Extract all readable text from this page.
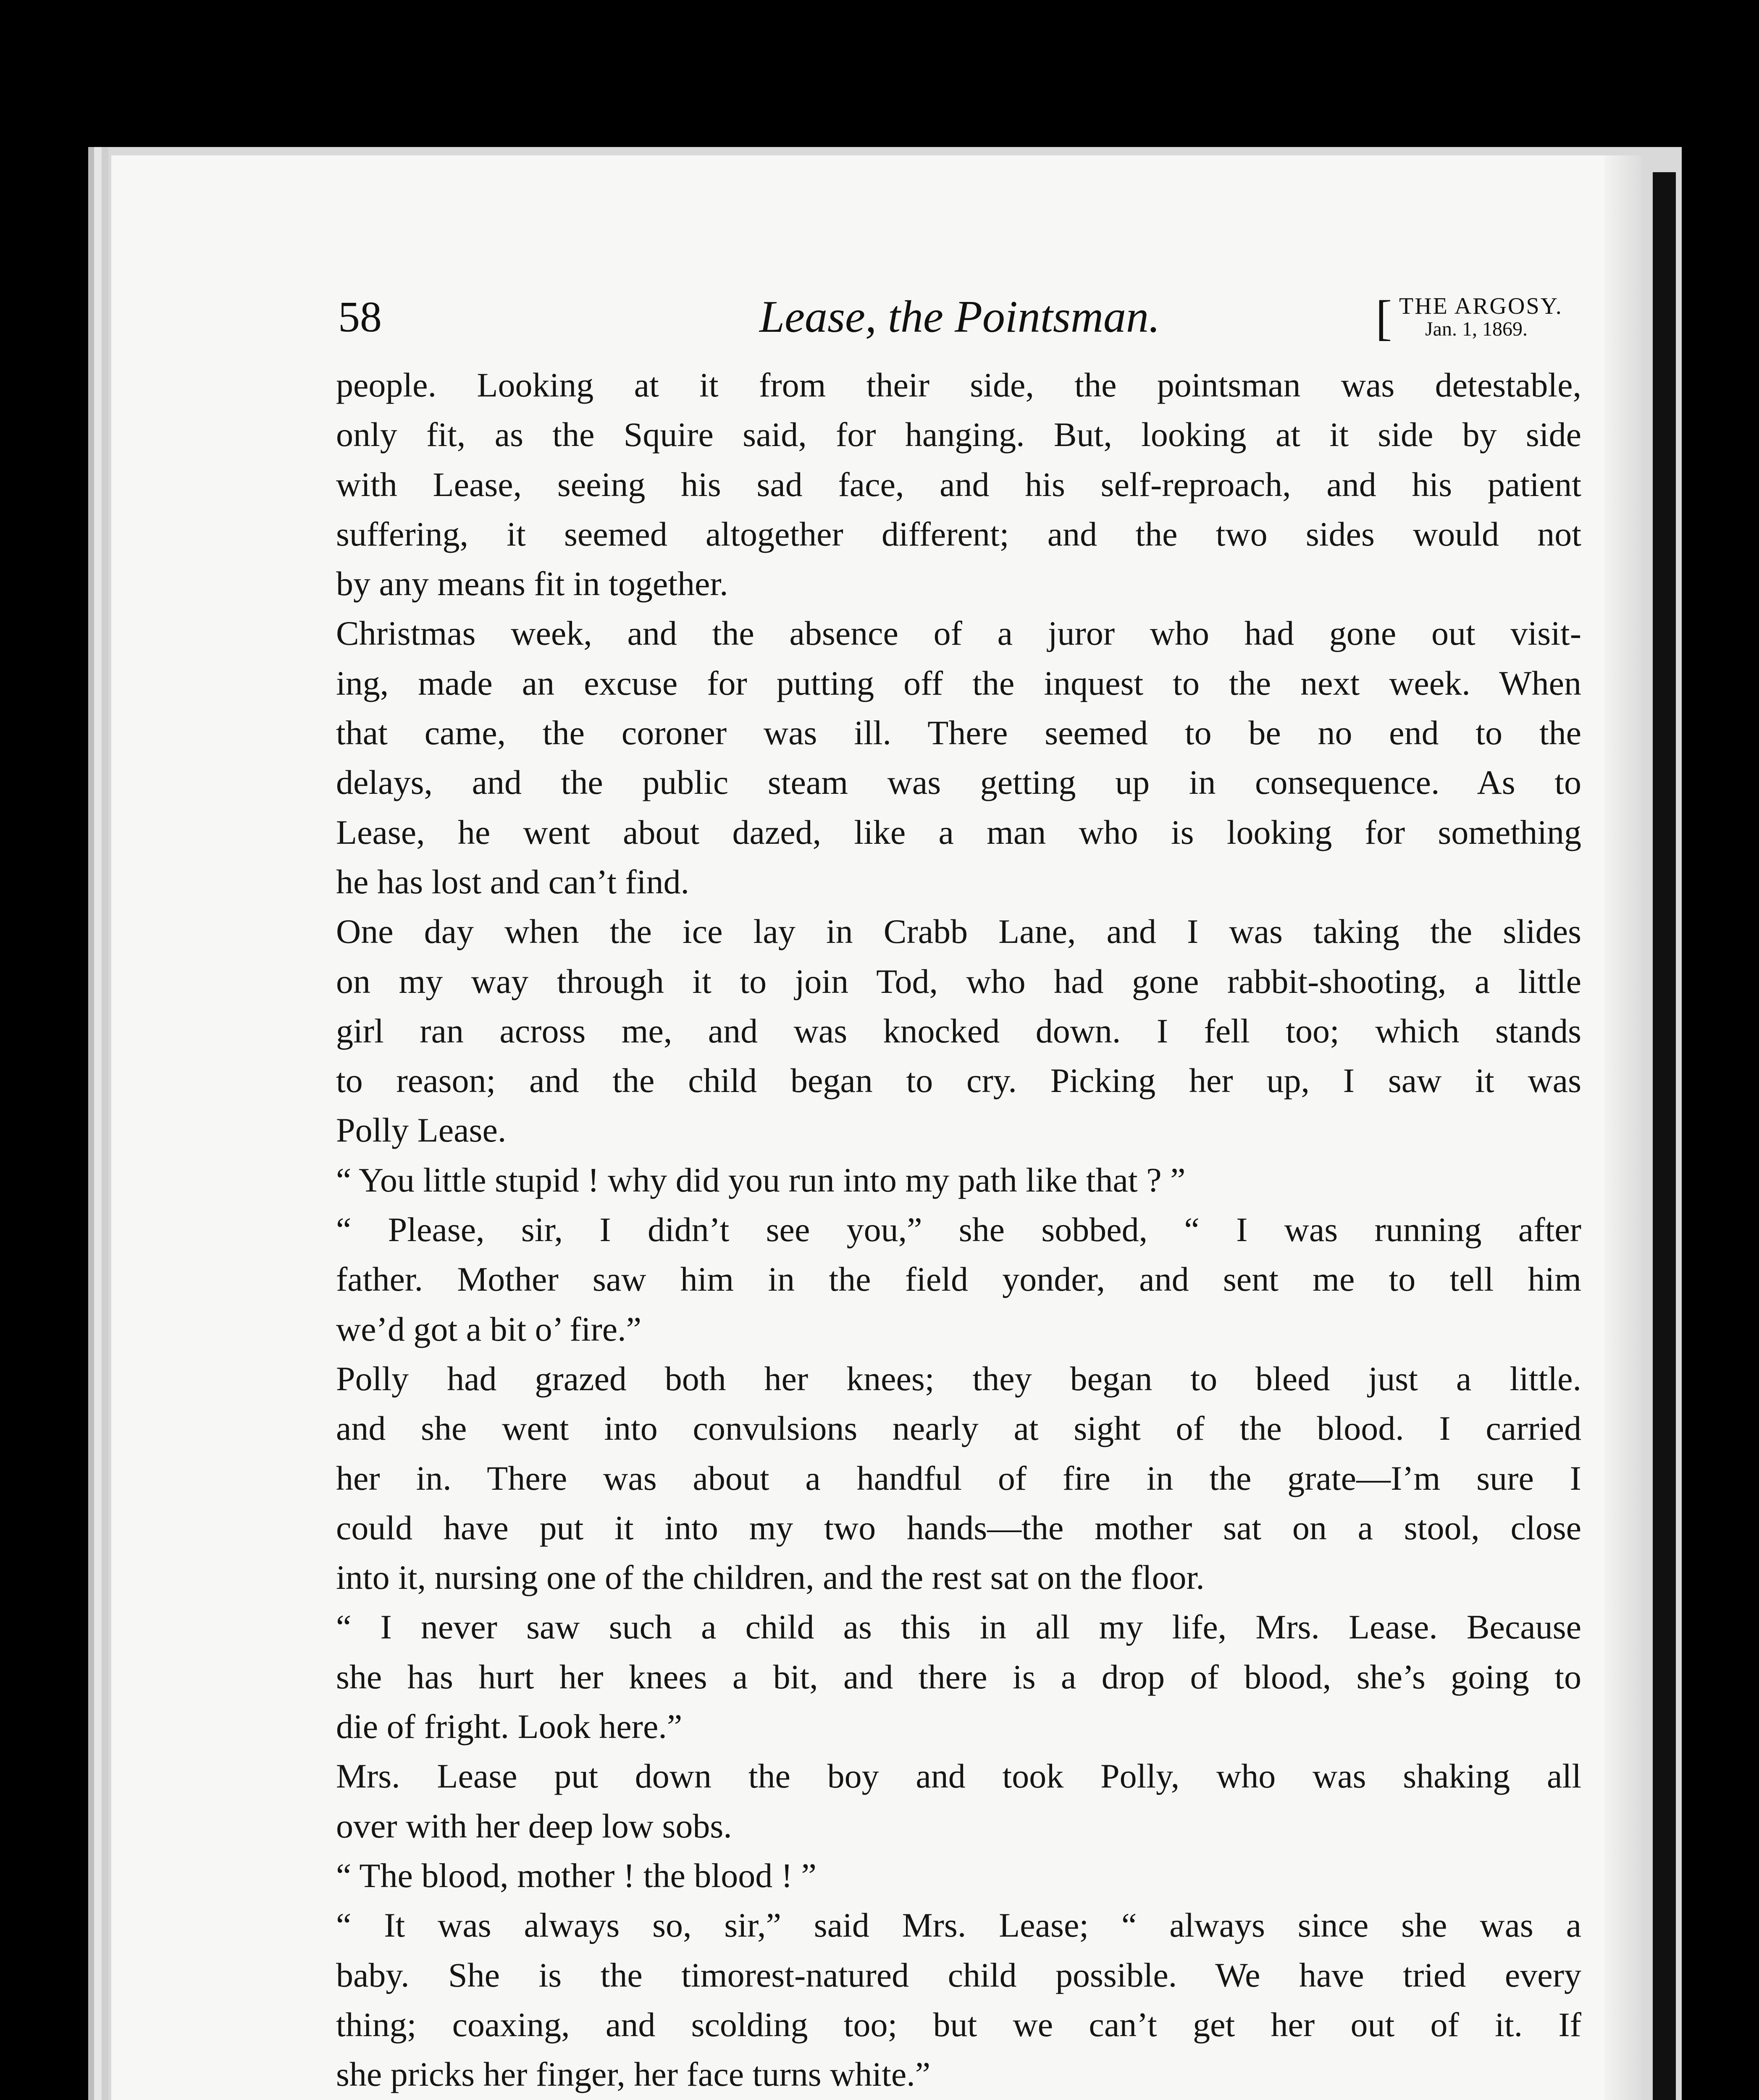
58	Lease, the Pointsman.	[ THE ARGOSY.
Jan. 1, 1869.
people. Looking at it from their side, the pointsman was detestable,
only fit, as the Squire said, for hanging. But, looking at it side by side
with Lease, seeing his sad face, and his self-reproach, and his patient
suffering, it seemed altogether different; and the two sides would not
by any means fit in together.
Christmas week, and the absence of a juror who had gone out visit-
ing, made an excuse for putting off the inquest to the next week. When
that came, the coroner was ill. There seemed to be no end to the
delays, and the public steam was getting up in consequence. As to
Lease, he went about dazed, like a man who is looking for something
he has lost and can’t find.
One day when the ice lay in Crabb Lane, and I was taking the slides
on my way through it to join Tod, who had gone rabbit-shooting, a little
girl ran across me, and was knocked down. I fell too; which stands
to reason; and the child began to cry. Picking her up, I saw it was
Polly Lease.
“ You little stupid ! why did you run into my path like that ? ”
“ Please, sir, I didn’t see you,” she sobbed, “ I was running after
father. Mother saw him in the field yonder, and sent me to tell him
we’d got a bit o’ fire.”
Polly had grazed both her knees; they began to bleed just a little.
and she went into convulsions nearly at sight of the blood. I carried
her in. There was about a handful of fire in the grate—I’m sure I
could have put it into my two hands—the mother sat on a stool, close
into it, nursing one of the children, and the rest sat on the floor.
“ I never saw such a child as this in all my life, Mrs. Lease. Because
she has hurt her knees a bit, and there is a drop of blood, she’s going to
die of fright. Look here.”
Mrs. Lease put down the boy and took Polly, who was shaking all
over with her deep low sobs.
“ The blood, mother ! the blood ! ”
“ It was always so, sir,” said Mrs. Lease; “ always since she was a
baby. She is the timorest-natured child possible. We have tried every
thing; coaxing, and scolding too; but we can’t get her out of it. If
she pricks her finger, her face turns white.”
